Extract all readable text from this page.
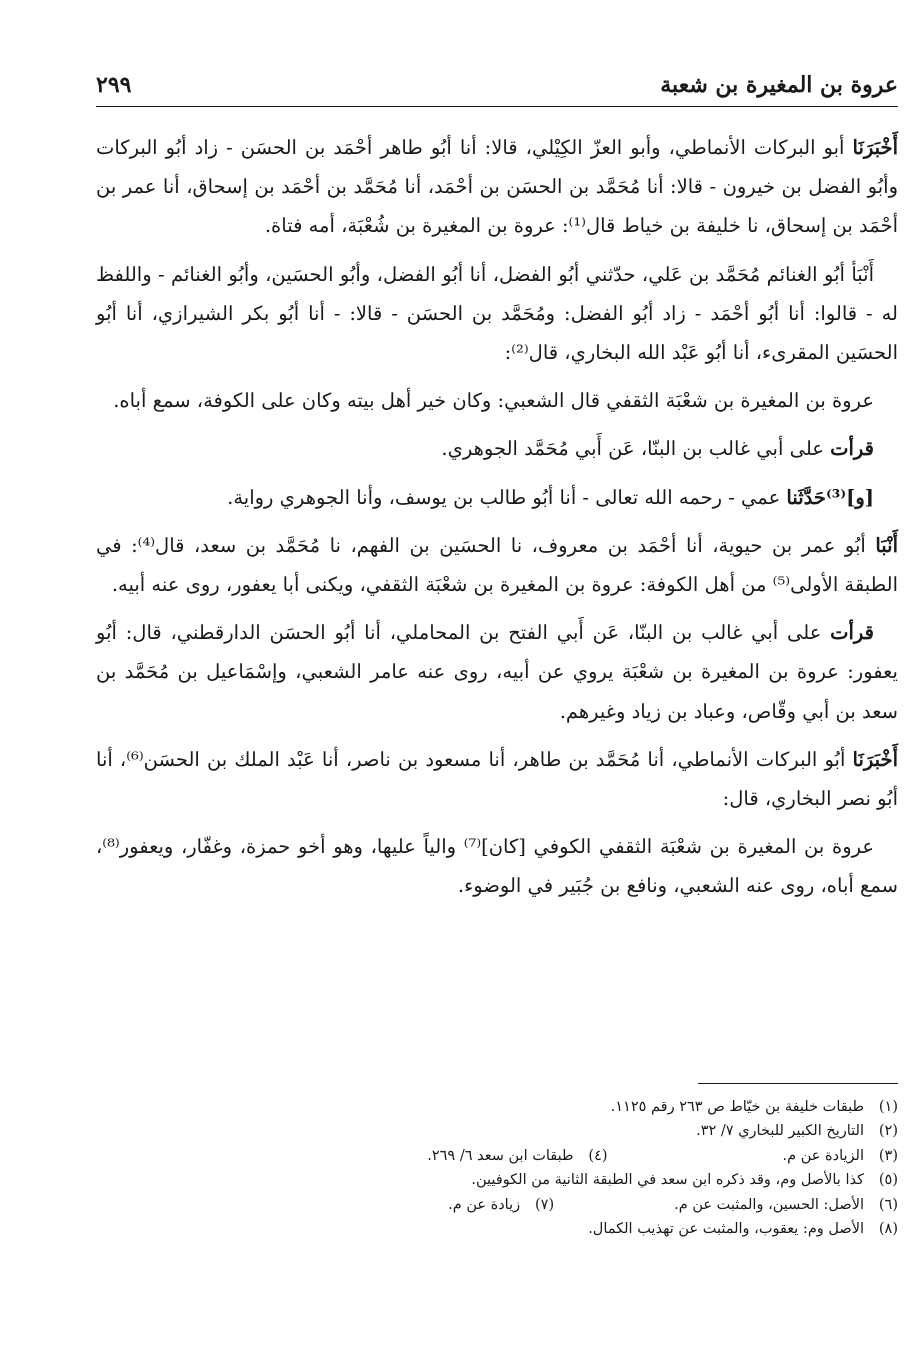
عروة بن المغيرة بن شعبة
٢٩٩

أَخْبَرَنَا أبو البركات الأنماطي، وأبو العزّ الكِيْلي، قالا: أنا أبُو طاهر أحْمَد بن الحسَن - زاد أبُو البركات وأبُو الفضل بن خيرون - قالا: أنا مُحَمَّد بن الحسَن بن أحْمَد، أنا مُحَمَّد بن أحْمَد بن إسحاق، أنا عمر بن أحْمَد بن إسحاق، نا خليفة بن خياط قال⁽¹⁾: عروة بن المغيرة بن شُعْبَة، أمه فتاة.

أَنْبَأ أبُو الغنائم مُحَمَّد بن عَلي، حدّثني أبُو الفضل، أنا أبُو الفضل، وأبُو الحسَين، وأبُو الغنائم - واللفظ له - قالوا: أنا أبُو أحْمَد - زاد أبُو الفضل: ومُحَمَّد بن الحسَن - قالا: - أنا أبُو بكر الشيرازي، أنا أبُو الحسَين المقرىء، أنا أبُو عَبْد الله البخاري، قال⁽²⁾:

عروة بن المغيرة بن شعْبَة الثقفي قال الشعبي: وكان خير أهل بيته وكان على الكوفة، سمع أباه.

قرأت على أبي غالب بن البنّا، عَن أَبي مُحَمَّد الجوهري.

[و]⁽³⁾حَدَّثَنا عمي - رحمه الله تعالى - أنا أبُو طالب بن يوسف، وأنا الجوهري رواية.

أَنْبَا أبُو عمر بن حيوية، أنا أحْمَد بن معروف، نا الحسَين بن الفهم، نا مُحَمَّد بن سعد، قال⁽⁴⁾: في الطبقة الأولى⁽⁵⁾ من أهل الكوفة: عروة بن المغيرة بن شعْبَة الثقفي، ويكنى أبا يعفور، روى عنه أبيه.

قرأت على أبي غالب بن البنّا، عَن أَبي الفتح بن المحاملي، أنا أبُو الحسَن الدارقطني، قال: أبُو يعفور: عروة بن المغيرة بن شعْبَة يروي عن أبيه، روى عنه عامر الشعبي، وإسْمَاعيل بن مُحَمَّد بن سعد بن أبي وقّاص، وعباد بن زياد وغيرهم.

أَخْبَرَنَا أبُو البركات الأنماطي، أنا مُحَمَّد بن طاهر، أنا مسعود بن ناصر، أنا عَبْد الملك بن الحسَن⁽⁶⁾، أنا أبُو نصر البخاري، قال:

عروة بن المغيرة بن شعْبَة الثقفي الكوفي [كان]⁽⁷⁾ والياً عليها، وهو أخو حمزة، وغفّار، ويعفور⁽⁸⁾، سمع أباه، روى عنه الشعبي، ونافع بن جُبَير في الوضوء.

(١)
طبقات خليفة بن خيّاط ص ٢٦٣ رقم ١١٢٥.
(٢)
التاريخ الكبير للبخاري ٧/ ٣٢.
(٣)
الزيادة عن م.
(٤)
طبقات ابن سعد ٦/ ٢٦٩.
(٥)
كذا بالأصل وم، وقد ذكره ابن سعد في الطبقة الثانية من الكوفيين.
(٦)
الأصل: الحسين، والمثبت عن م.
(٧)
زيادة عن م.
(٨)
الأصل وم: يعقوب، والمثبت عن تهذيب الكمال.
